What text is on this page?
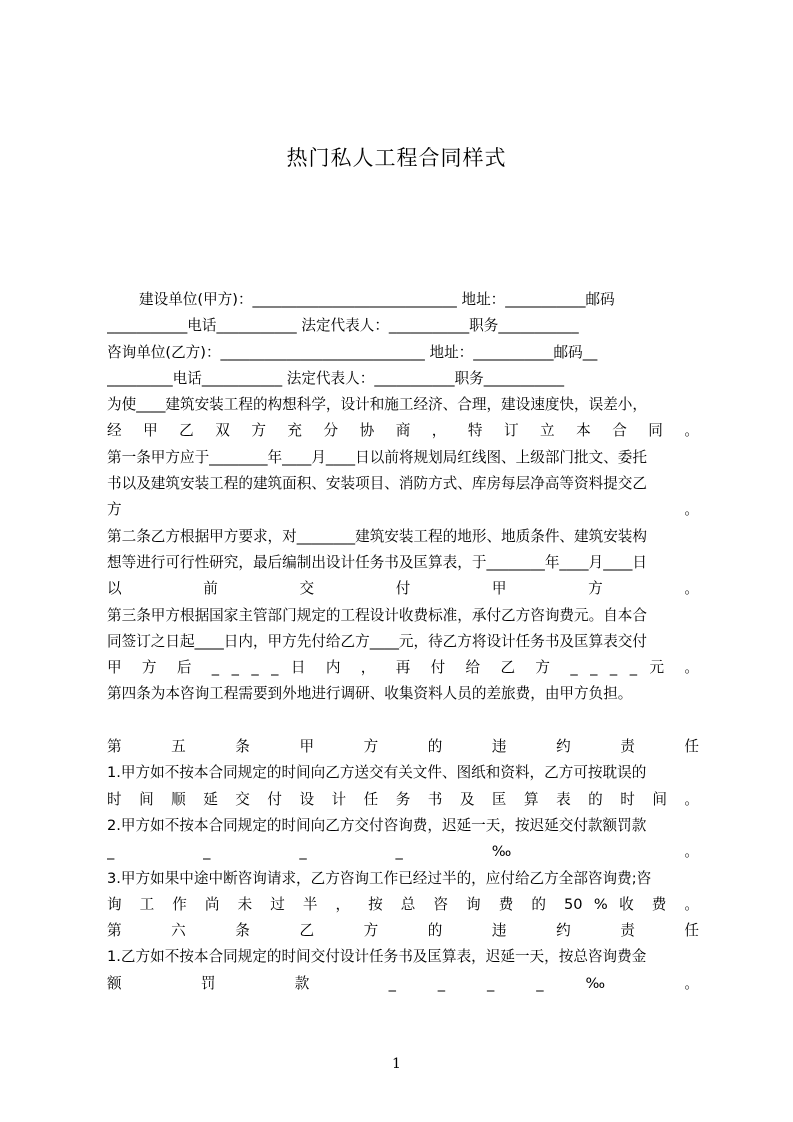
热门私人工程合同样式
建设单位(甲方)：____________________________ 地址：___________邮码
___________电话___________ 法定代表人：___________职务___________
咨询单位(乙方)：____________________________ 地址：___________邮码__
_________电话___________ 法定代表人：___________职务___________
为使____建筑安装工程的构想科学，设计和施工经济、合理，建设速度快，误差小，
经 甲 乙 双 方 充 分 协 商 ， 特 订 立 本 合 同 。
第一条甲方应于________年____月____日以前将规划局红线图、上级部门批文、委托
书以及建筑安装工程的建筑面积、安装项目、消防方式、库房每层净高等资料提交乙
方 。
第二条乙方根据甲方要求，对________建筑安装工程的地形、地质条件、建筑安装构
想等进行可行性研究，最后编制出设计任务书及匡算表，于________年____月____日
以 前 交 付 甲 方 。
第三条甲方根据国家主管部门规定的工程设计收费标准，承付乙方咨询费元。自本合
同签订之日起____日内，甲方先付给乙方____元，待乙方将设计任务书及匡算表交付
甲 方 后 _ _ _ _ 日 内 ， 再 付 给 乙 方 _ _ _ _ 元 。
第四条为本咨询工程需要到外地进行调研、收集资料人员的差旅费，由甲方负担。
第 五 条 甲 方 的 违 约 责 任
1.甲方如不按本合同规定的时间向乙方送交有关文件、图纸和资料，乙方可按耽误的
时 间 顺 延 交 付 设 计 任 务 书 及 匡 算 表 的 时 间 。
2.甲方如不按本合同规定的时间向乙方交付咨询费，迟延一天，按迟延交付款额罚款
_ _ _ _ ‰ 。
3.甲方如果中途中断咨询请求，乙方咨询工作已经过半的，应付给乙方全部咨询费;咨
询 工 作 尚 未 过 半 ， 按 总 咨 询 费 的 50 % 收 费 。
第 六 条 乙 方 的 违 约 责 任
1.乙方如不按本合同规定的时间交付设计任务书及匡算表，迟延一天，按总咨询费金
额 罚 款 _ _ _ _ ‰ 。
1
